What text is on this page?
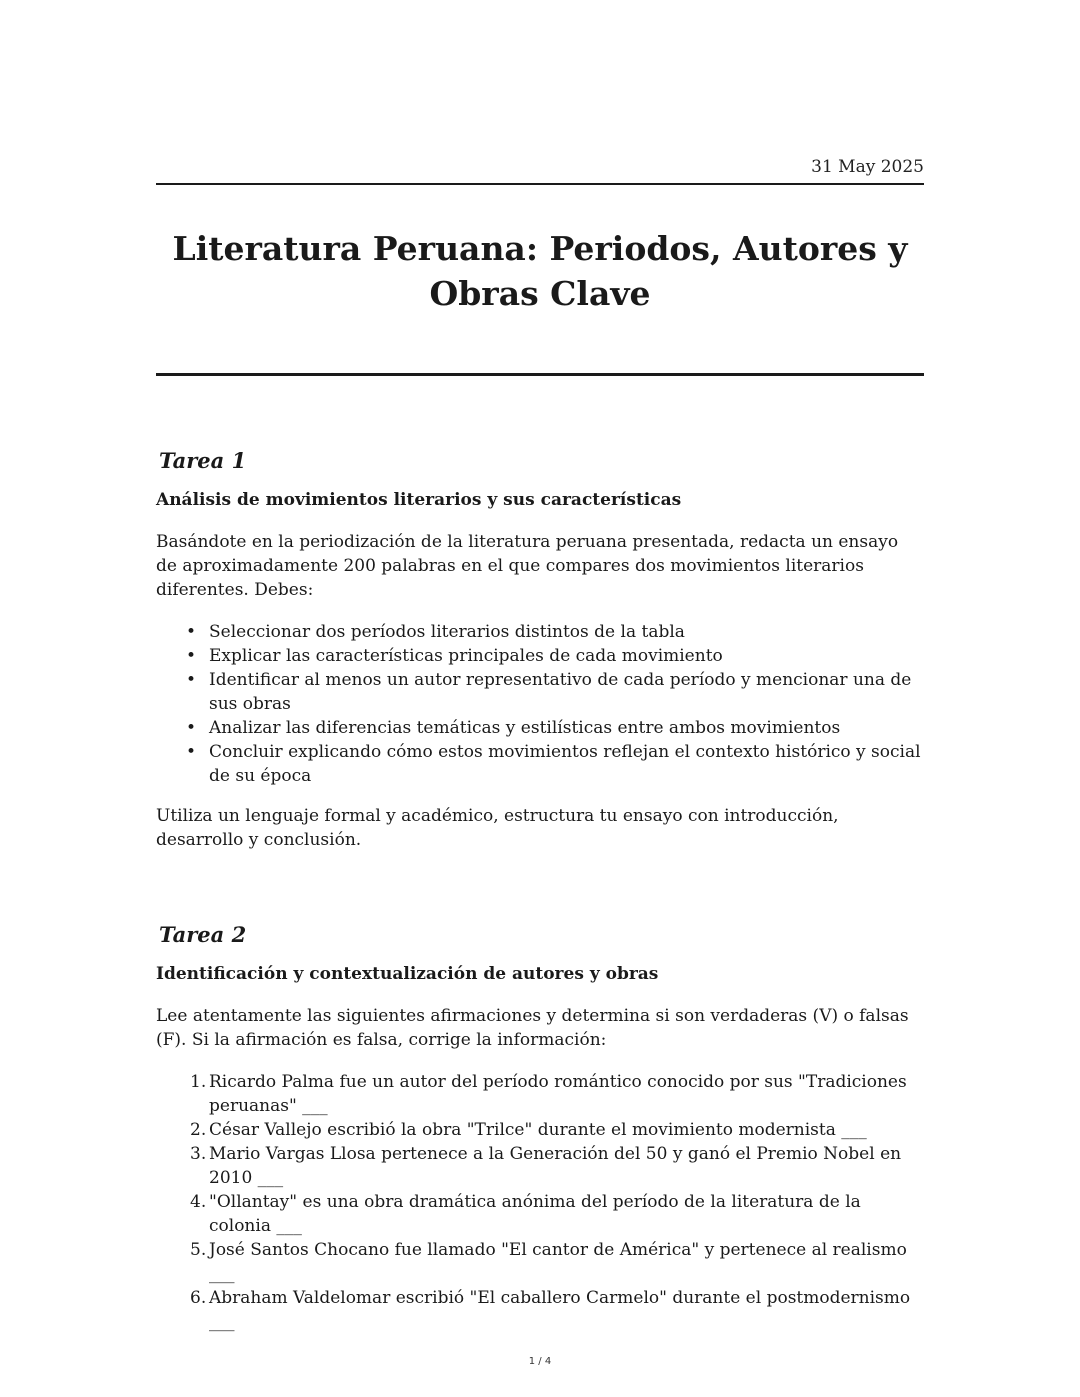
31 May 2025
Literatura Peruana: Periodos, Autores y Obras Clave
Tarea 1
Análisis de movimientos literarios y sus características

Basándote en la periodización de la literatura peruana presentada, redacta un ensayo de aproximadamente 200 palabras en el que compares dos movimientos literarios diferentes. Debes:

• Seleccionar dos períodos literarios distintos de la tabla
• Explicar las características principales de cada movimiento
• Identificar al menos un autor representativo de cada período y mencionar una de sus obras
• Analizar las diferencias temáticas y estilísticas entre ambos movimientos
• Concluir explicando cómo estos movimientos reflejan el contexto histórico y social de su época

Utiliza un lenguaje formal y académico, estructura tu ensayo con introducción, desarrollo y conclusión.

Tarea 2
Identificación y contextualización de autores y obras

Lee atentamente las siguientes afirmaciones y determina si son verdaderas (V) o falsas (F). Si la afirmación es falsa, corrige la información:

1. Ricardo Palma fue un autor del período romántico conocido por sus "Tradiciones peruanas" ___
2. César Vallejo escribió la obra "Trilce" durante el movimiento modernista ___
3. Mario Vargas Llosa pertenece a la Generación del 50 y ganó el Premio Nobel en 2010 ___
4. "Ollantay" es una obra dramática anónima del período de la literatura de la colonia ___
5. José Santos Chocano fue llamado "El cantor de América" y pertenece al realismo ___
6. Abraham Valdelomar escribió "El caballero Carmelo" durante el postmodernismo ___
1 / 4
